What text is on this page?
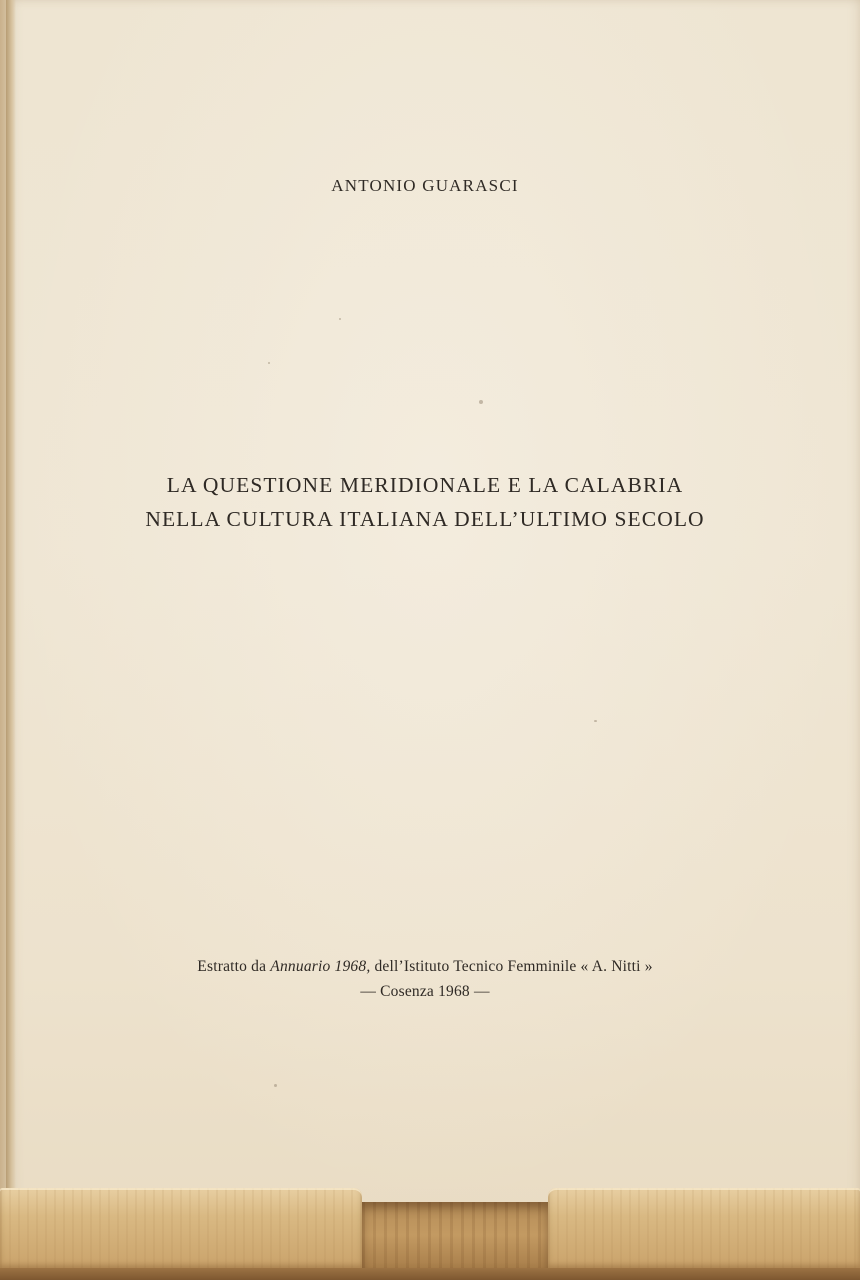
ANTONIO GUARASCI
LA QUESTIONE MERIDIONALE E LA CALABRIA
NELLA CULTURA ITALIANA DELL’ULTIMO SECOLO
Estratto da Annuario 1968, dell’Istituto Tecnico Femminile « A. Nitti »
— Cosenza 1968 —
